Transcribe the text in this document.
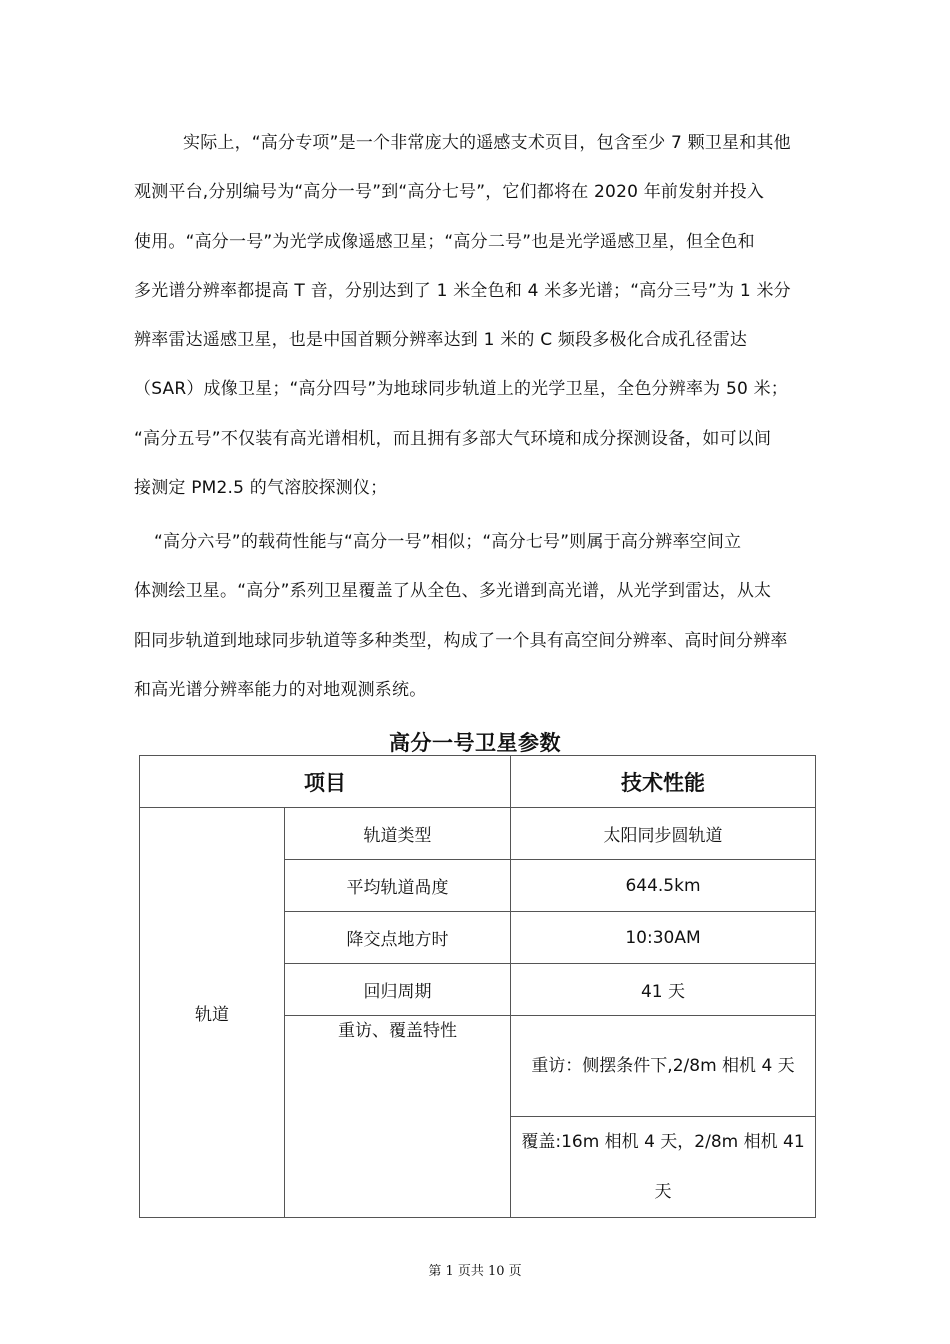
实际上，“高分专项”是一个非常庞大的遥感支术页目，包含至少 7 颗卫星和其他
观测平台,分别编号为“高分一号”到“高分七号”，它们都将在 2020 年前发射并投入
使用。“高分一号”为光学成像遥感卫星；“高分二号”也是光学遥感卫星，但全色和
多光谱分辨率都提高 T 音，分别达到了 1 米全色和 4 米多光谱；“高分三号”为 1 米分
辨率雷达遥感卫星，也是中国首颗分辨率达到 1 米的 C 频段多极化合成孔径雷达
（SAR）成像卫星；“高分四号”为地球同步轨道上的光学卫星，全色分辨率为 50 米；
“高分五号”不仅装有高光谱相机，而且拥有多部大气环境和成分探测设备，如可以间
接测定 PM2.5 的气溶胶探测仪；
“高分六号”的载荷性能与“高分一号”相似；“高分七号”则属于高分辨率空间立
体测绘卫星。“高分”系列卫星覆盖了从全色、多光谱到高光谱，从光学到雷达，从太
阳同步轨道到地球同步轨道等多种类型，构成了一个具有高空间分辨率、高时间分辨率
和高光谱分辨率能力的对地观测系统。
高分一号卫星参数
项目		技术性能
轨道	轨道类型	太阳同步圆轨道
	平均轨道咼度	644.5km
	降交点地方时	10:30AM
	回归周期	41 天
	重访、覆盖特性	重访：侧摆条件下,2/8m 相机 4 天
		覆盖:16m 相机 4 天，2/8m 相机 41 天
第 1 页共 10 页
